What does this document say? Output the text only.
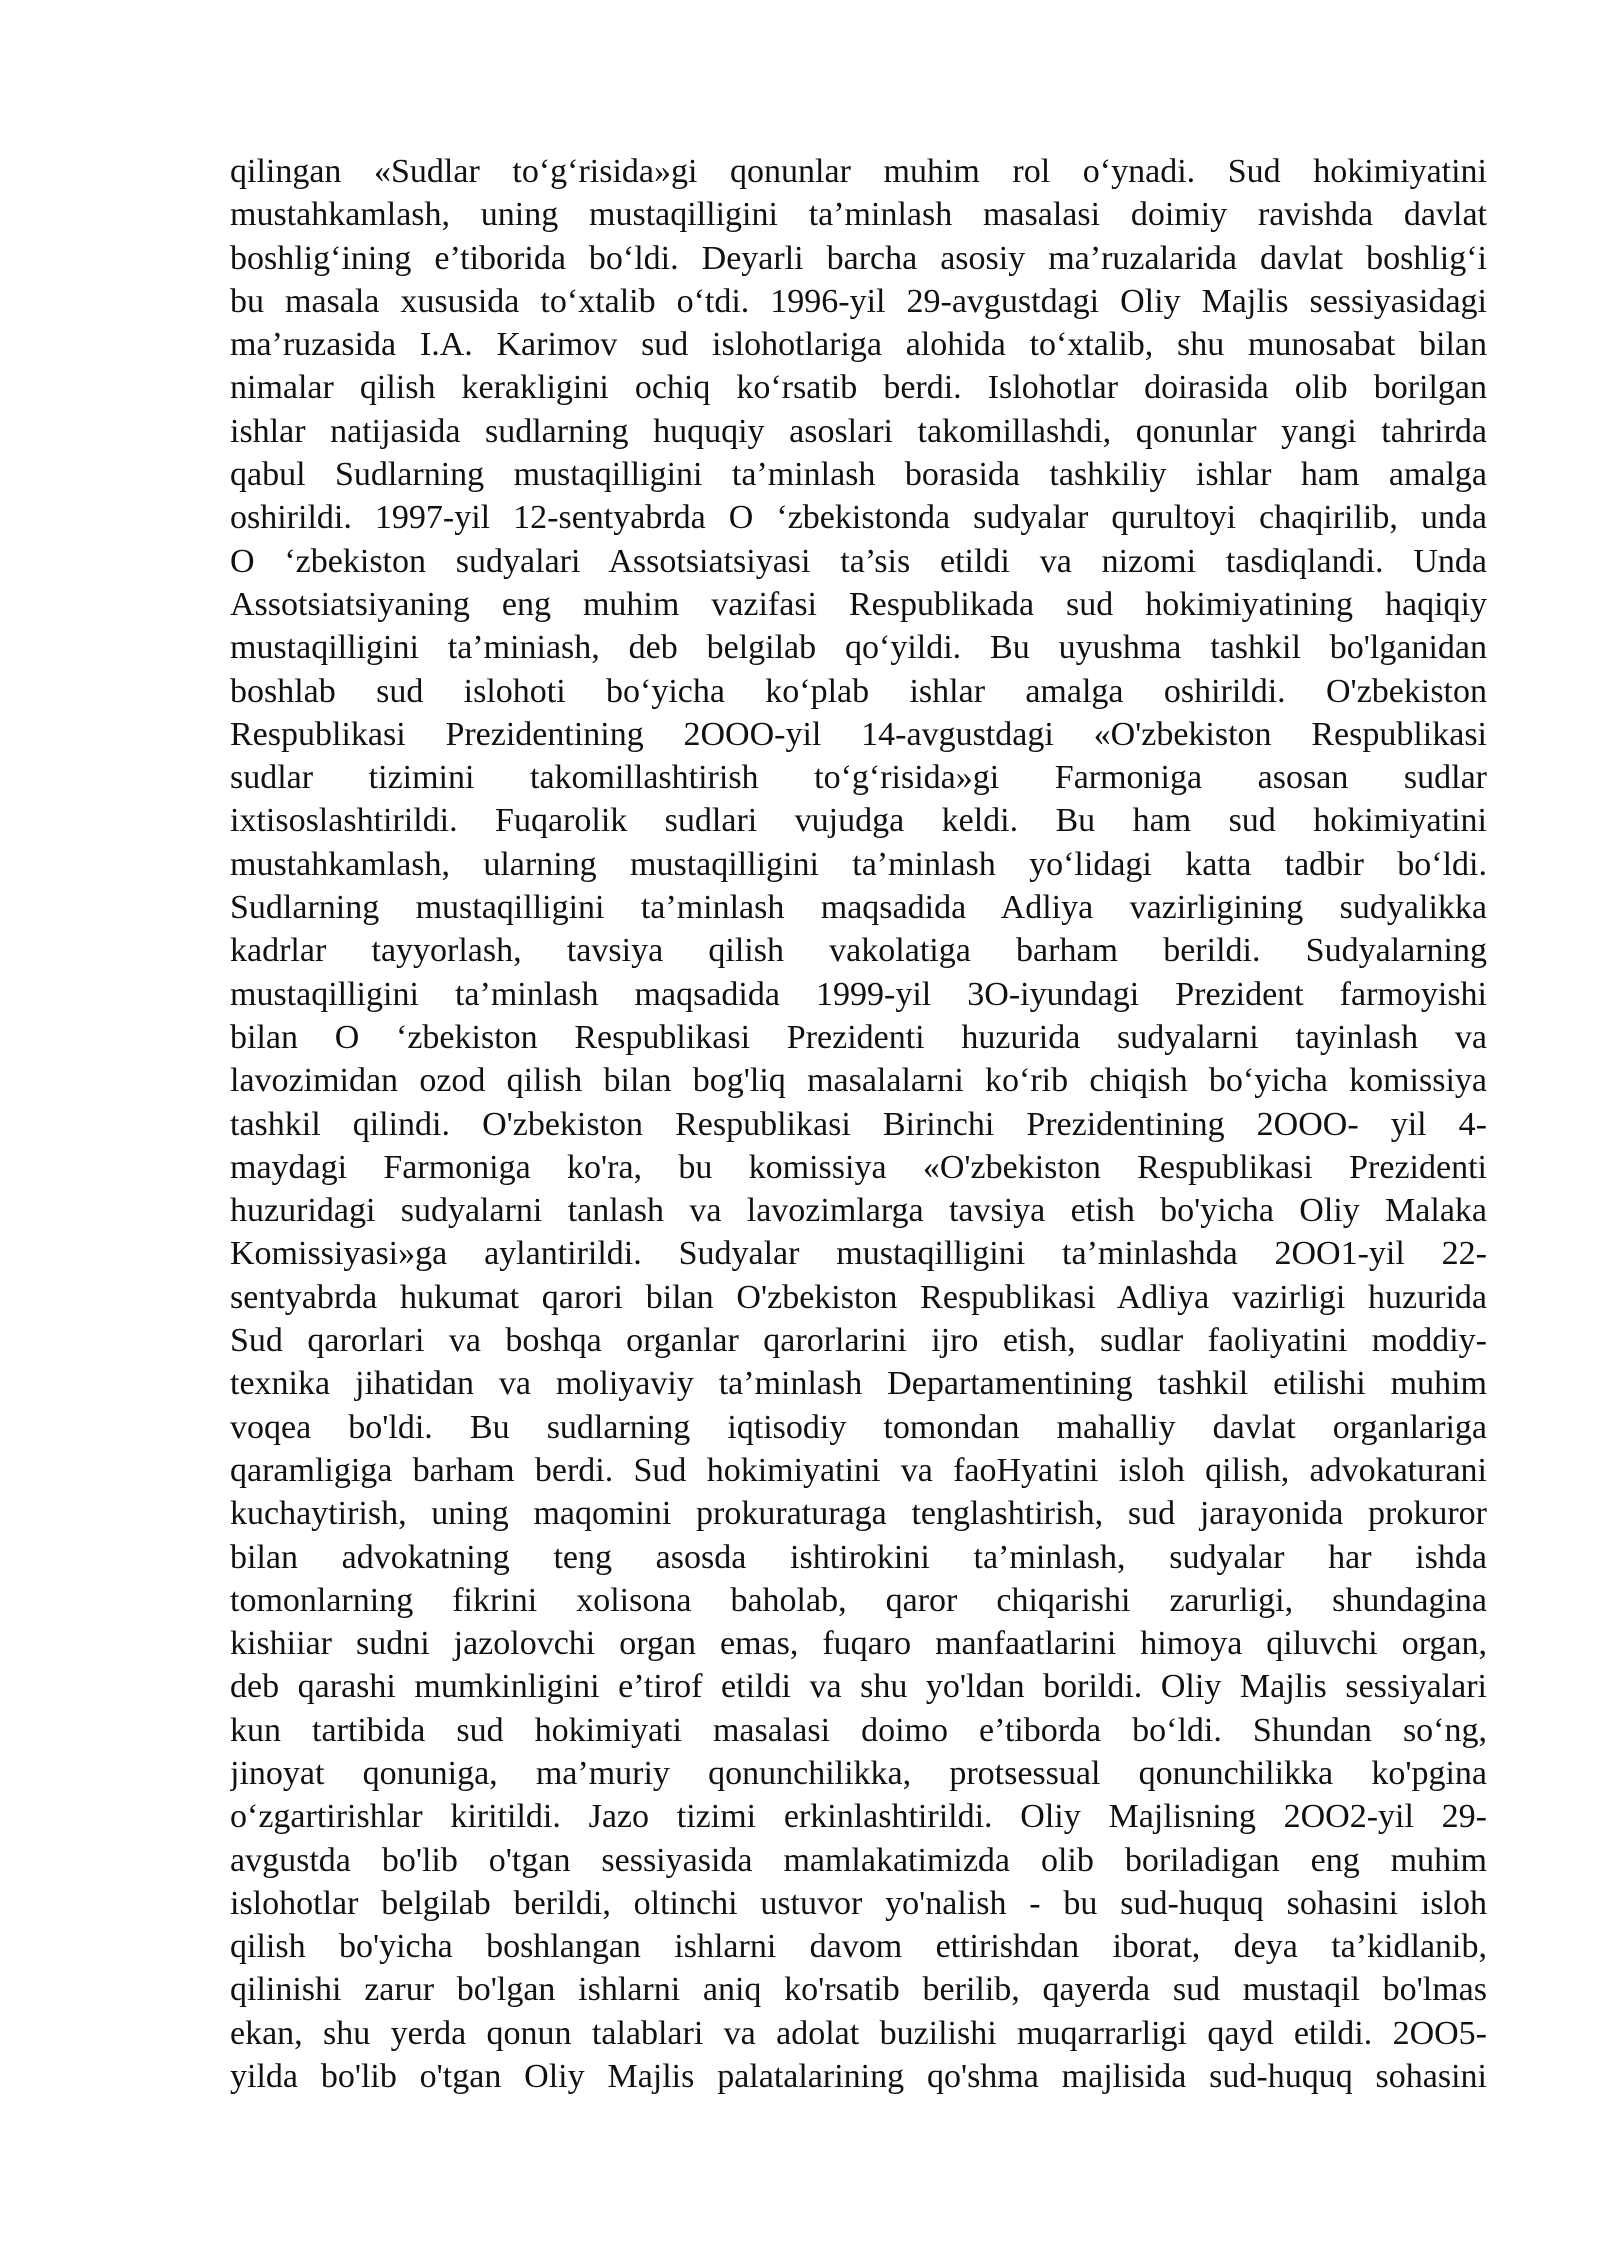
qilingan «Sudlar to‘g‘risida»gi qonunlar muhim rol o‘ynadi. Sud hokimiyatini
mustahkamlash, uning mustaqilligini ta’minlash masalasi doimiy ravishda davlat
boshlig‘ining e’tiborida bo‘ldi. Deyarli barcha asosiy ma’ruzalarida davlat boshlig‘i
bu masala xususida to‘xtalib o‘tdi. 1996-yil 29-avgustdagi Oliy Majlis sessiyasidagi
ma’ruzasida I.A. Karimov sud islohotlariga alohida to‘xtalib, shu munosabat bilan
nimalar qilish kerakligini ochiq ko‘rsatib berdi. Islohotlar doirasida olib borilgan
ishlar natijasida sudlarning huquqiy asoslari takomillashdi, qonunlar yangi tahrirda
qabul Sudlarning mustaqilligini ta’minlash borasida tashkiliy ishlar ham amalga
oshirildi. 1997-yil 12-sentyabrda O ‘zbekistonda sudyalar qurultoyi chaqirilib, unda
O ‘zbekiston sudyalari Assotsiatsiyasi ta’sis etildi va nizomi tasdiqlandi. Unda
Assotsiatsiyaning eng muhim vazifasi Respublikada sud hokimiyatining haqiqiy
mustaqilligini ta’miniash, deb belgilab qo‘yildi. Bu uyushma tashkil bo'lganidan
boshlab sud islohoti bo‘yicha ko‘plab ishlar amalga oshirildi. O'zbekiston
Respublikasi Prezidentining 2OOO-yil 14-avgustdagi «O'zbekiston Respublikasi
sudlar tizimini takomillashtirish to‘g‘risida»gi Farmoniga asosan sudlar
ixtisoslashtirildi. Fuqarolik sudlari vujudga keldi. Bu ham sud hokimiyatini
mustahkamlash, ularning mustaqilligini ta’minlash yo‘lidagi katta tadbir bo‘ldi.
Sudlarning mustaqilligini ta’minlash maqsadida Adliya vazirligining sudyalikka
kadrlar tayyorlash, tavsiya qilish vakolatiga barham berildi. Sudyalarning
mustaqilligini ta’minlash maqsadida 1999-yil 3O-iyundagi Prezident farmoyishi
bilan O ‘zbekiston Respublikasi Prezidenti huzurida sudyalarni tayinlash va
lavozimidan ozod qilish bilan bog'liq masalalarni ko‘rib chiqish bo‘yicha komissiya
tashkil qilindi. O'zbekiston Respublikasi Birinchi Prezidentining 2OOO- yil 4-
maydagi Farmoniga ko'ra, bu komissiya «O'zbekiston Respublikasi Prezidenti
huzuridagi sudyalarni tanlash va lavozimlarga tavsiya etish bo'yicha Oliy Malaka
Komissiyasi»ga aylantirildi. Sudyalar mustaqilligini ta’minlashda 2OO1-yil 22-
sentyabrda hukumat qarori bilan O'zbekiston Respublikasi Adliya vazirligi huzurida
Sud qarorlari va boshqa organlar qarorlarini ijro etish, sudlar faoliyatini moddiy-
texnika jihatidan va moliyaviy ta’minlash Departamentining tashkil etilishi muhim
voqea bo'ldi. Bu sudlarning iqtisodiy tomondan mahalliy davlat organlariga
qaramligiga barham berdi. Sud hokimiyatini va faoHyatini isloh qilish, advokaturani
kuchaytirish, uning maqomini prokuraturaga tenglashtirish, sud jarayonida prokuror
bilan advokatning teng asosda ishtirokini ta’minlash, sudyalar har ishda
tomonlarning fikrini xolisona baholab, qaror chiqarishi zarurligi, shundagina
kishiiar sudni jazolovchi organ emas, fuqaro manfaatlarini himoya qiluvchi organ,
deb qarashi mumkinligini e’tirof etildi va shu yo'ldan borildi. Oliy Majlis sessiyalari
kun tartibida sud hokimiyati masalasi doimo e’tiborda bo‘ldi. Shundan so‘ng,
jinoyat qonuniga, ma’muriy qonunchilikka, protsessual qonunchilikka ko'pgina
o‘zgartirishlar kiritildi. Jazo tizimi erkinlashtirildi. Oliy Majlisning 2OO2-yil 29-
avgustda bo'lib o'tgan sessiyasida mamlakatimizda olib boriladigan eng muhim
islohotlar belgilab berildi, oltinchi ustuvor yo'nalish - bu sud-huquq sohasini isloh
qilish bo'yicha boshlangan ishlarni davom ettirishdan iborat, deya ta’kidlanib,
qilinishi zarur bo'lgan ishlarni aniq ko'rsatib berilib, qayerda sud mustaqil bo'lmas
ekan, shu yerda qonun talablari va adolat buzilishi muqarrarligi qayd etildi. 2OO5-
yilda bo'lib o'tgan Oliy Majlis palatalarining qo'shma majlisida sud-huquq sohasini
